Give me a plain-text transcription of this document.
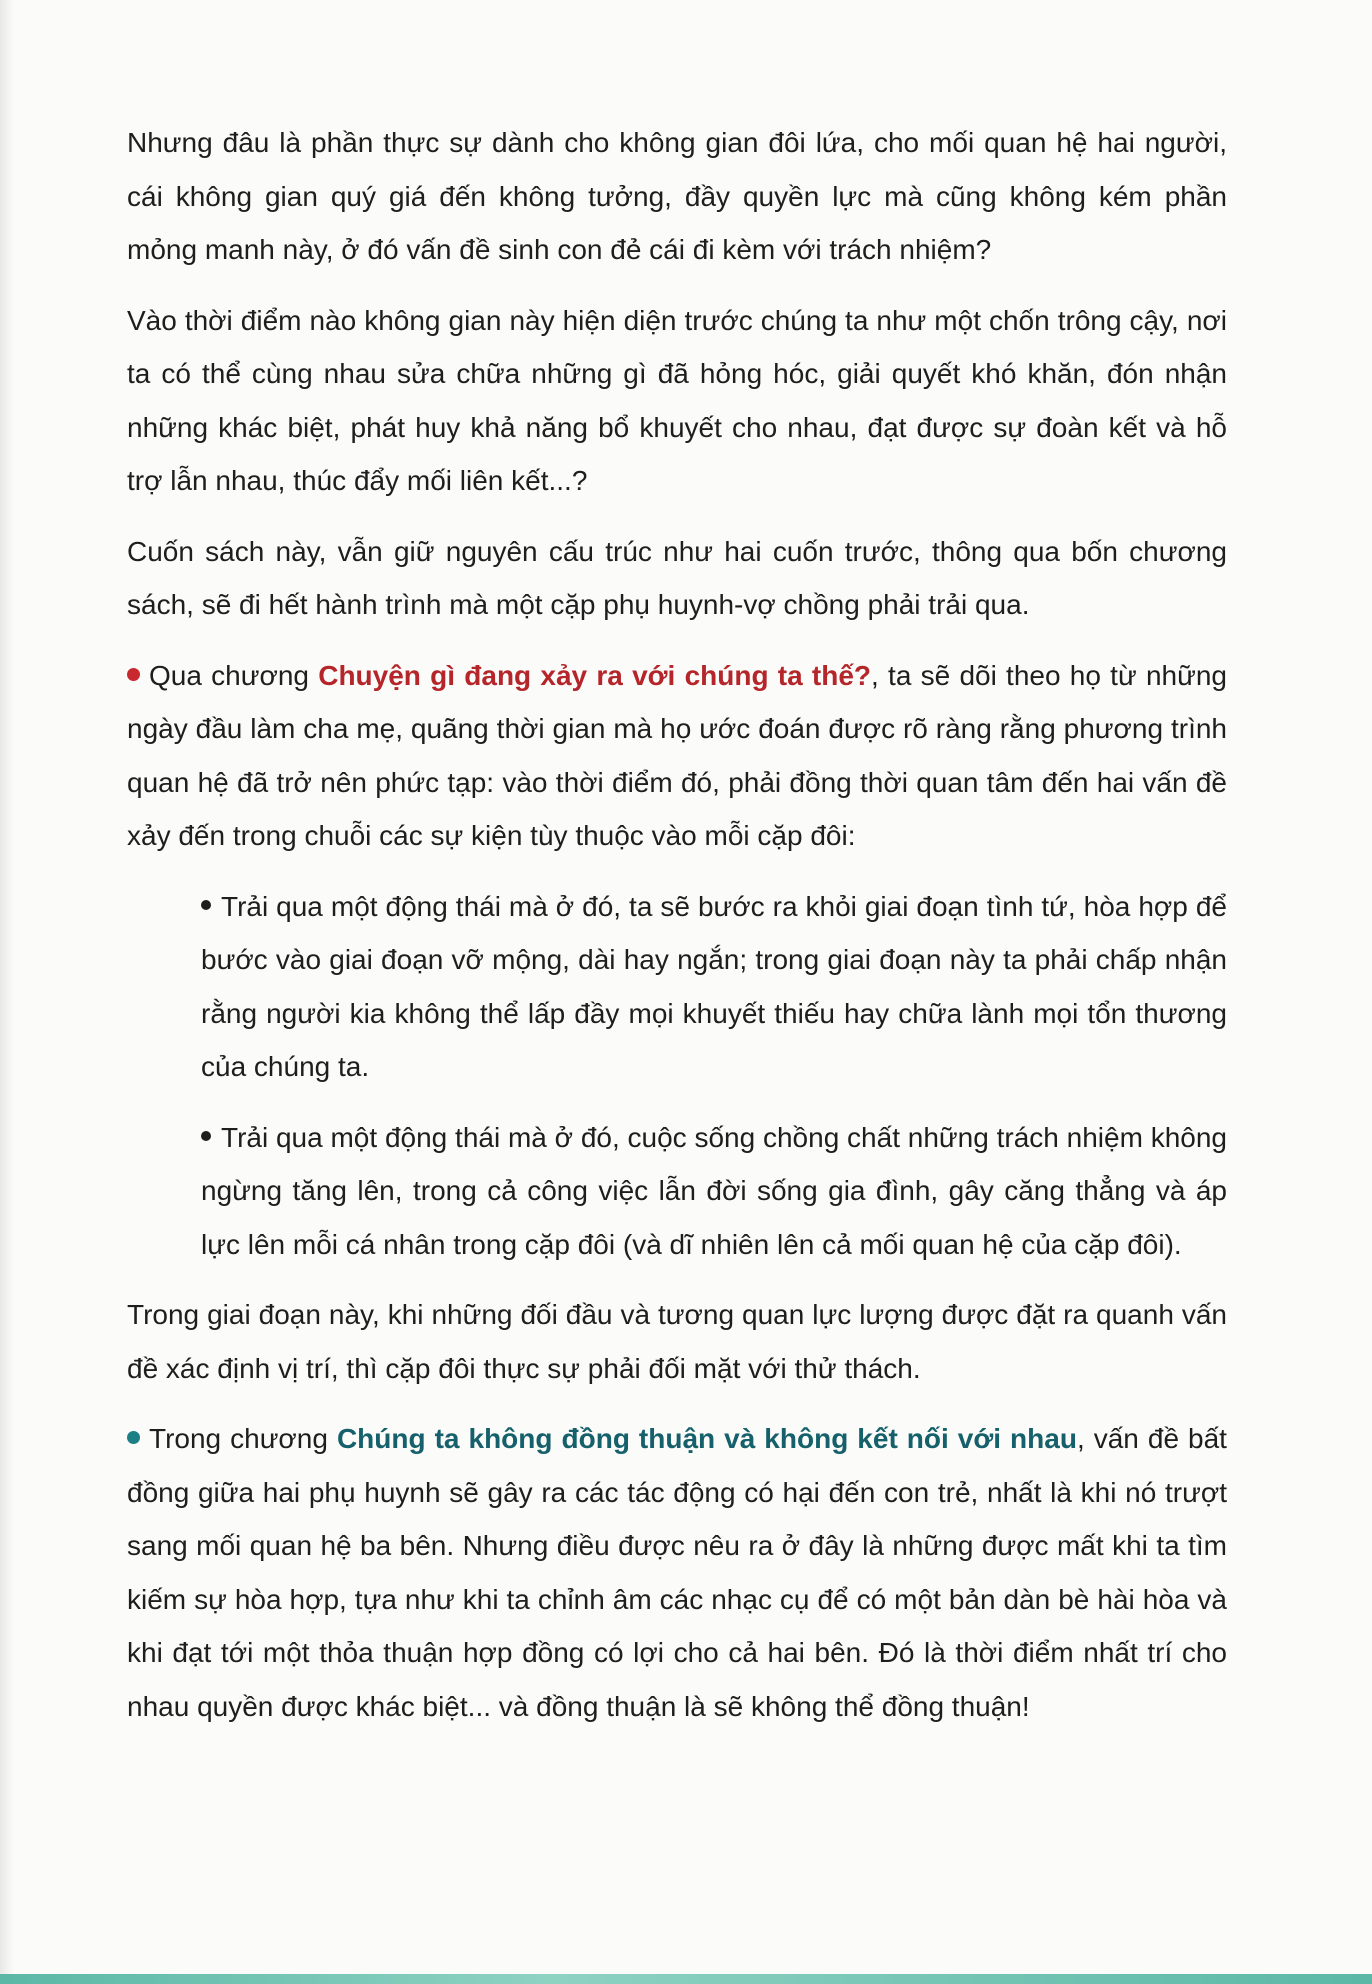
Nhưng đâu là phần thực sự dành cho không gian đôi lứa, cho mối quan hệ hai người, cái không gian quý giá đến không tưởng, đầy quyền lực mà cũng không kém phần mỏng manh này, ở đó vấn đề sinh con đẻ cái đi kèm với trách nhiệm?

Vào thời điểm nào không gian này hiện diện trước chúng ta như một chốn trông cậy, nơi ta có thể cùng nhau sửa chữa những gì đã hỏng hóc, giải quyết khó khăn, đón nhận những khác biệt, phát huy khả năng bổ khuyết cho nhau, đạt được sự đoàn kết và hỗ trợ lẫn nhau, thúc đẩy mối liên kết...?

Cuốn sách này, vẫn giữ nguyên cấu trúc như hai cuốn trước, thông qua bốn chương sách, sẽ đi hết hành trình mà một cặp phụ huynh-vợ chồng phải trải qua.

Qua chương Chuyện gì đang xảy ra với chúng ta thế?, ta sẽ dõi theo họ từ những ngày đầu làm cha mẹ, quãng thời gian mà họ ước đoán được rõ ràng rằng phương trình quan hệ đã trở nên phức tạp: vào thời điểm đó, phải đồng thời quan tâm đến hai vấn đề xảy đến trong chuỗi các sự kiện tùy thuộc vào mỗi cặp đôi:

Trải qua một động thái mà ở đó, ta sẽ bước ra khỏi giai đoạn tình tứ, hòa hợp để bước vào giai đoạn vỡ mộng, dài hay ngắn; trong giai đoạn này ta phải chấp nhận rằng người kia không thể lấp đầy mọi khuyết thiếu hay chữa lành mọi tổn thương của chúng ta.
Trải qua một động thái mà ở đó, cuộc sống chồng chất những trách nhiệm không ngừng tăng lên, trong cả công việc lẫn đời sống gia đình, gây căng thẳng và áp lực lên mỗi cá nhân trong cặp đôi (và dĩ nhiên lên cả mối quan hệ của cặp đôi).

Trong giai đoạn này, khi những đối đầu và tương quan lực lượng được đặt ra quanh vấn đề xác định vị trí, thì cặp đôi thực sự phải đối mặt với thử thách.

Trong chương Chúng ta không đồng thuận và không kết nối với nhau, vấn đề bất đồng giữa hai phụ huynh sẽ gây ra các tác động có hại đến con trẻ, nhất là khi nó trượt sang mối quan hệ ba bên. Nhưng điều được nêu ra ở đây là những được mất khi ta tìm kiếm sự hòa hợp, tựa như khi ta chỉnh âm các nhạc cụ để có một bản dàn bè hài hòa và khi đạt tới một thỏa thuận hợp đồng có lợi cho cả hai bên. Đó là thời điểm nhất trí cho nhau quyền được khác biệt... và đồng thuận là sẽ không thể đồng thuận!
